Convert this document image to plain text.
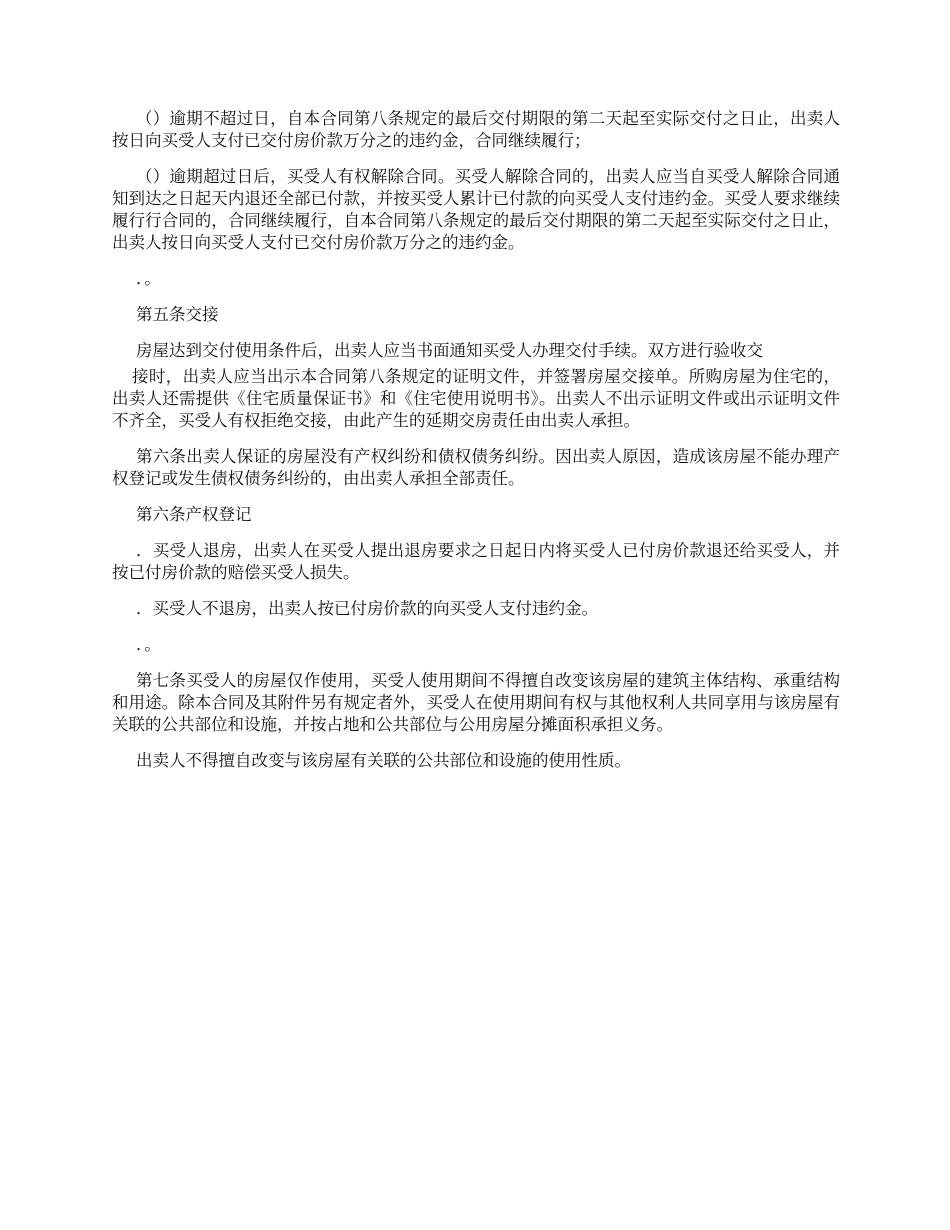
（）逾期不超过日，自本合同第八条规定的最后交付期限的第二天起至实际交付之日止，出卖人按日向买受人支付已交付房价款万分之的违约金，合同继续履行；

（）逾期超过日后，买受人有权解除合同。买受人解除合同的，出卖人应当自买受人解除合同通知到达之日起天内退还全部已付款，并按买受人累计已付款的向买受人支付违约金。买受人要求继续履行行合同的，合同继续履行，自本合同第八条规定的最后交付期限的第二天起至实际交付之日止，出卖人按日向买受人支付已交付房价款万分之的违约金。

．。

第五条交接

房屋达到交付使用条件后，出卖人应当书面通知买受人办理交付手续。双方进行验收交

接时，出卖人应当出示本合同第八条规定的证明文件，并签署房屋交接单。所购房屋为住宅的，出卖人还需提供《住宅质量保证书》和《住宅使用说明书》。出卖人不出示证明文件或出示证明文件不齐全，买受人有权拒绝交接，由此产生的延期交房责任由出卖人承担。

第六条出卖人保证的房屋没有产权纠纷和债权债务纠纷。因出卖人原因，造成该房屋不能办理产权登记或发生债权债务纠纷的，由出卖人承担全部责任。

第六条产权登记

．买受人退房，出卖人在买受人提出退房要求之日起日内将买受人已付房价款退还给买受人，并按已付房价款的赔偿买受人损失。

．买受人不退房，出卖人按已付房价款的向买受人支付违约金。

．。

第七条买受人的房屋仅作使用，买受人使用期间不得擅自改变该房屋的建筑主体结构、承重结构和用途。除本合同及其附件另有规定者外，买受人在使用期间有权与其他权利人共同享用与该房屋有关联的公共部位和设施，并按占地和公共部位与公用房屋分摊面积承担义务。

出卖人不得擅自改变与该房屋有关联的公共部位和设施的使用性质。
